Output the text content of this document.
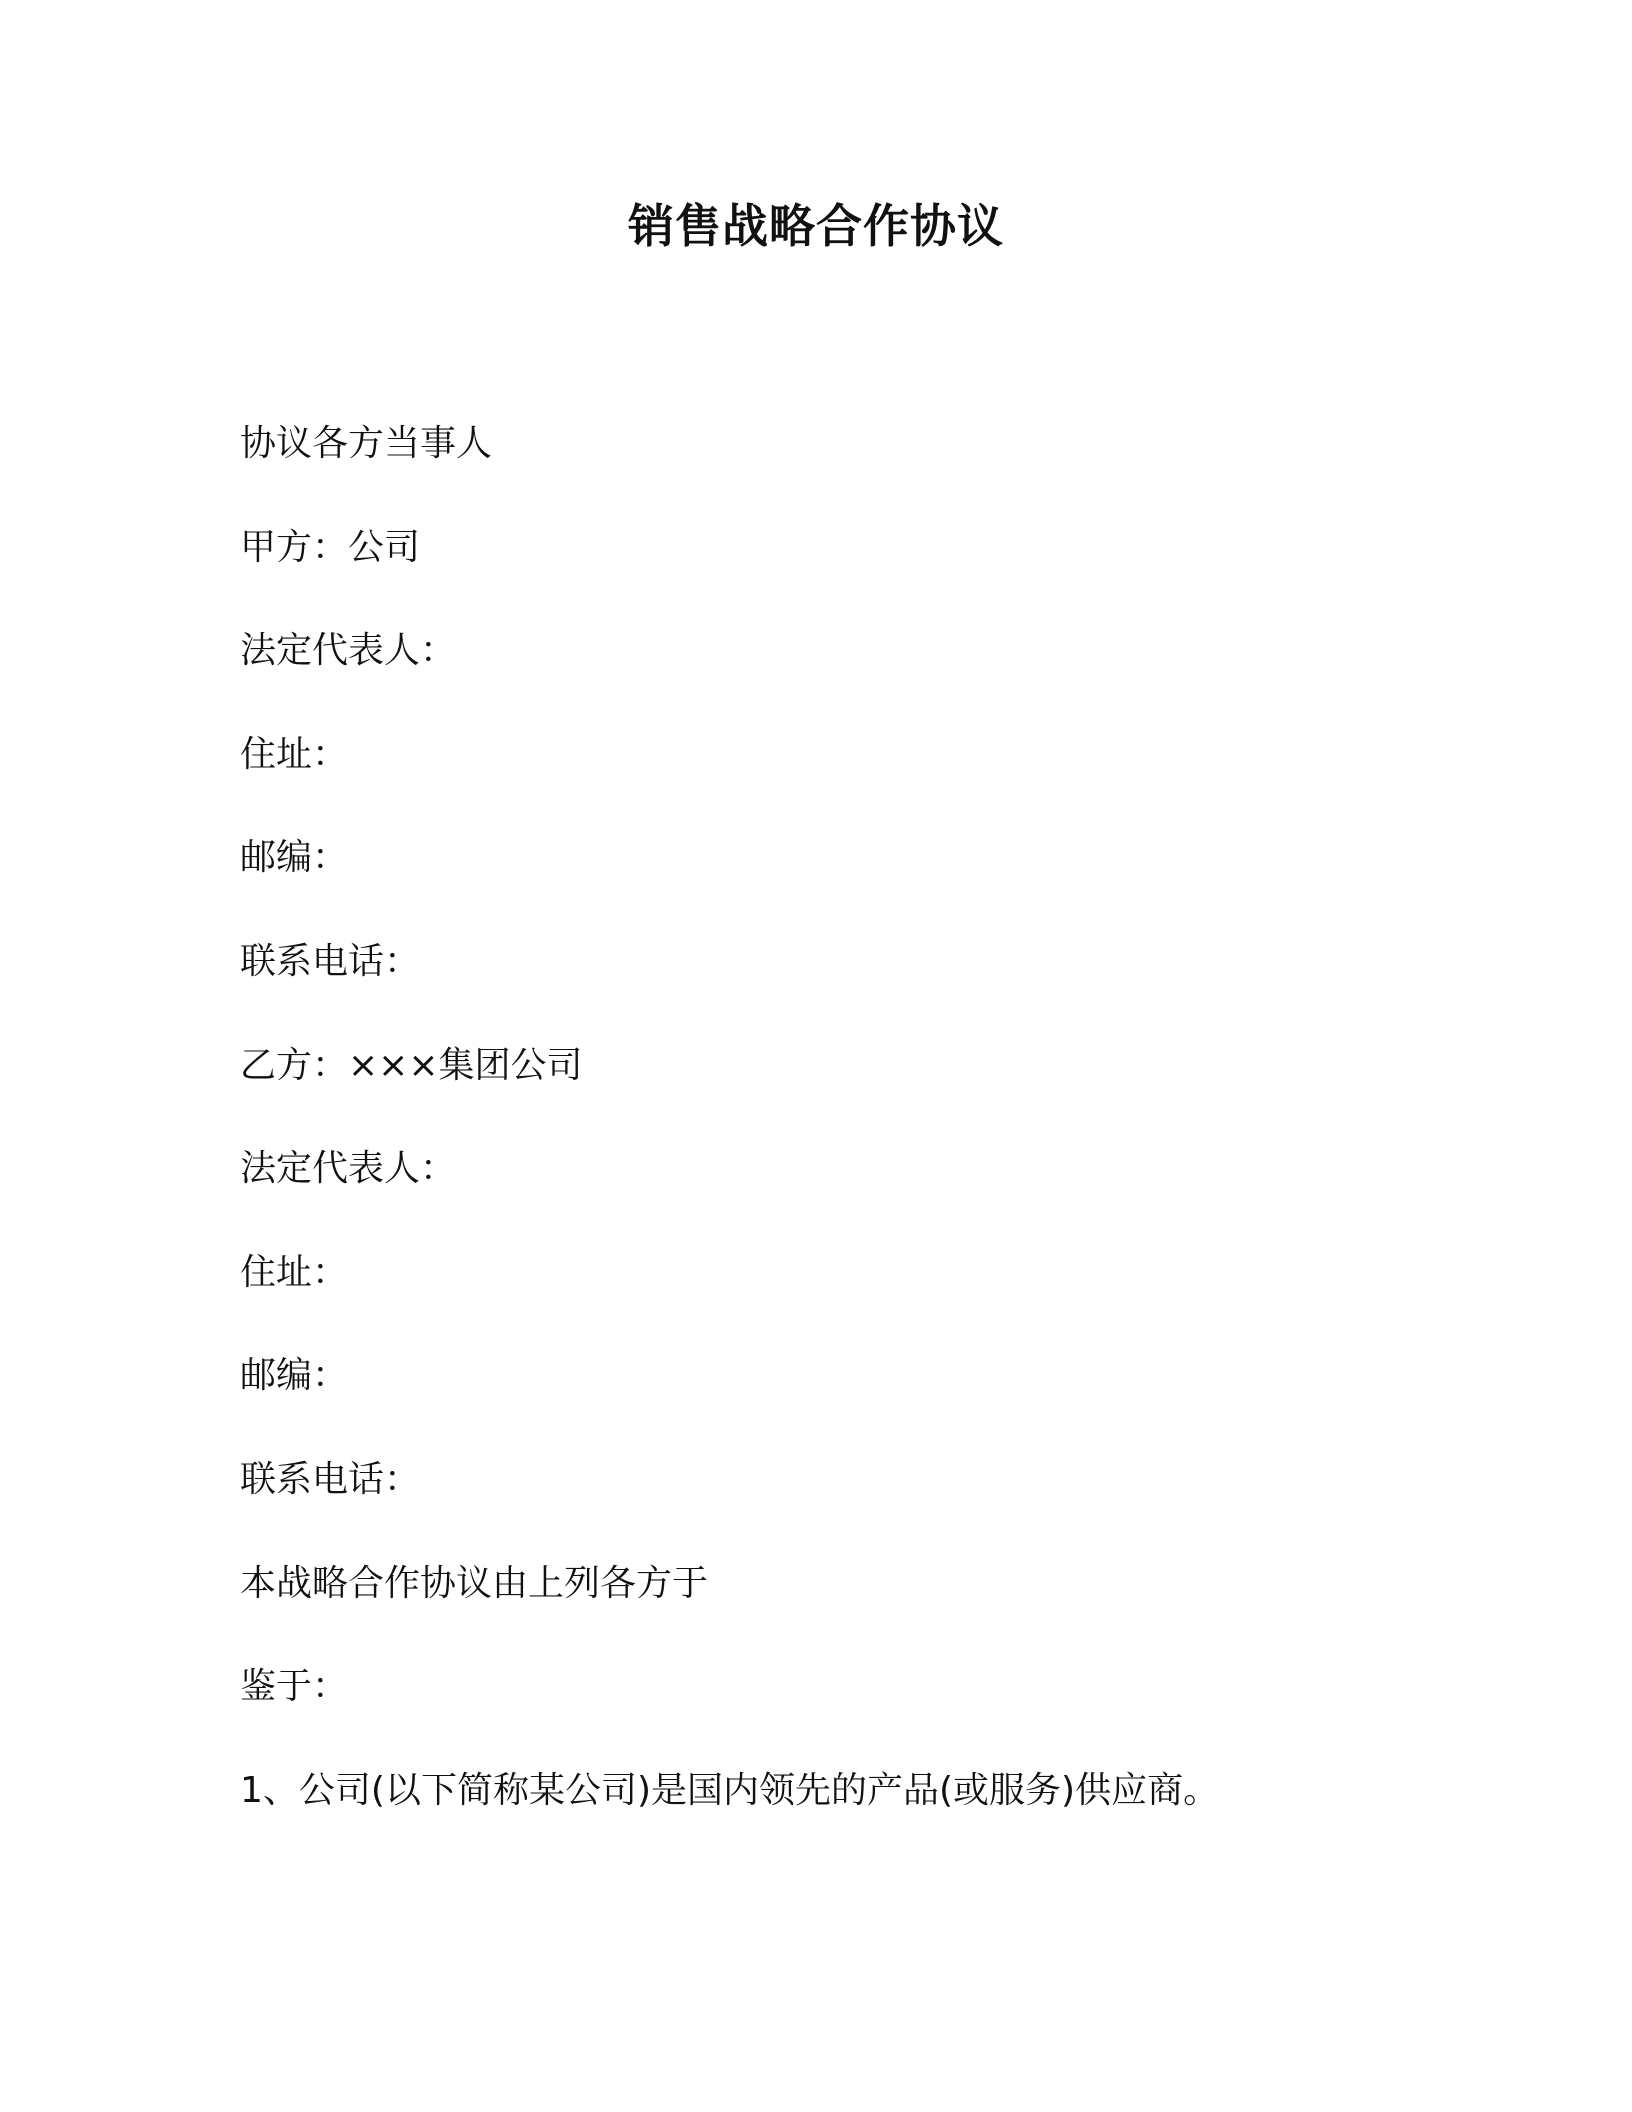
销售战略合作协议
协议各方当事人
甲方：公司
法定代表人：
住址：
邮编：
联系电话：
乙方：×××集团公司
法定代表人：
住址：
邮编：
联系电话：
本战略合作协议由上列各方于
鉴于：
1、公司(以下简称某公司)是国内领先的产品(或服务)供应商。
